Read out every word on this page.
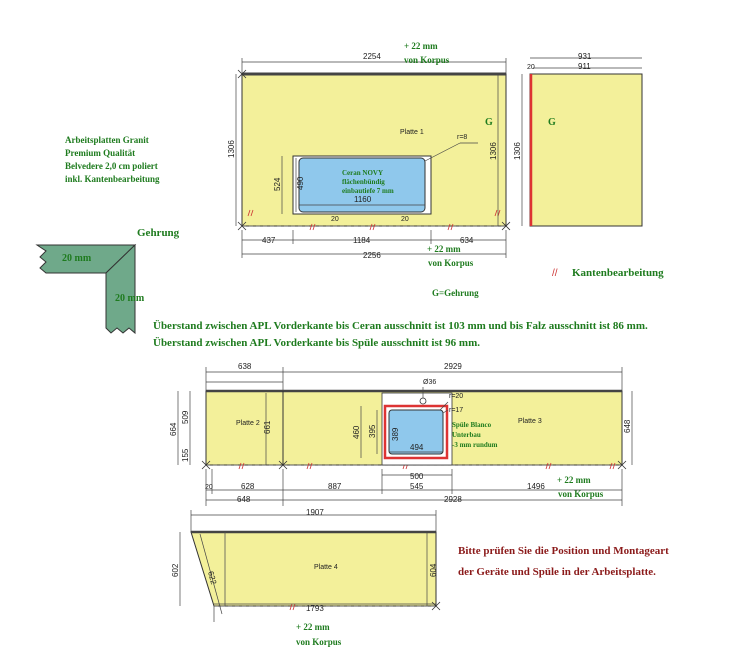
Arbeitsplatten Granit
Premium Qualität
Belvedere 2,0 cm poliert
inkl. Kantenbearbeitung
Gehrung
20 mm
20 mm
Platte 1
G
Ceran NOVY
flächenbündig
einbautiefe 7 mm
1160
20	20
r=8
524 490
2254
+ 22 mm
von Korpus
1306	1306
437	1184	634
2256
+ 22 mm
von Korpus
G
931
911
20
1306
// Kantenbearbeitung
G=Gehrung
Überstand zwischen APL Vorderkante bis Ceran ausschnitt ist 103 mm und bis Falz ausschnitt ist 86 mm.
Überstand zwischen APL Vorderkante bis Spüle ausschnitt ist 96 mm.
Platte 2	Platte 3
Ø36
r=20
r=17
Spüle Blanco
Unterbau
-3 mm rundum
494
500
460 395 389
2929
638
664
509
155
661	648
20	628	887	545	1496
648	2928
+ 22 mm
von Korpus
Platte 4
1907
602	622	604
1793
+ 22 mm
von Korpus
Bitte prüfen Sie die Position und Montageart
der Geräte und Spüle in der Arbeitsplatte.
